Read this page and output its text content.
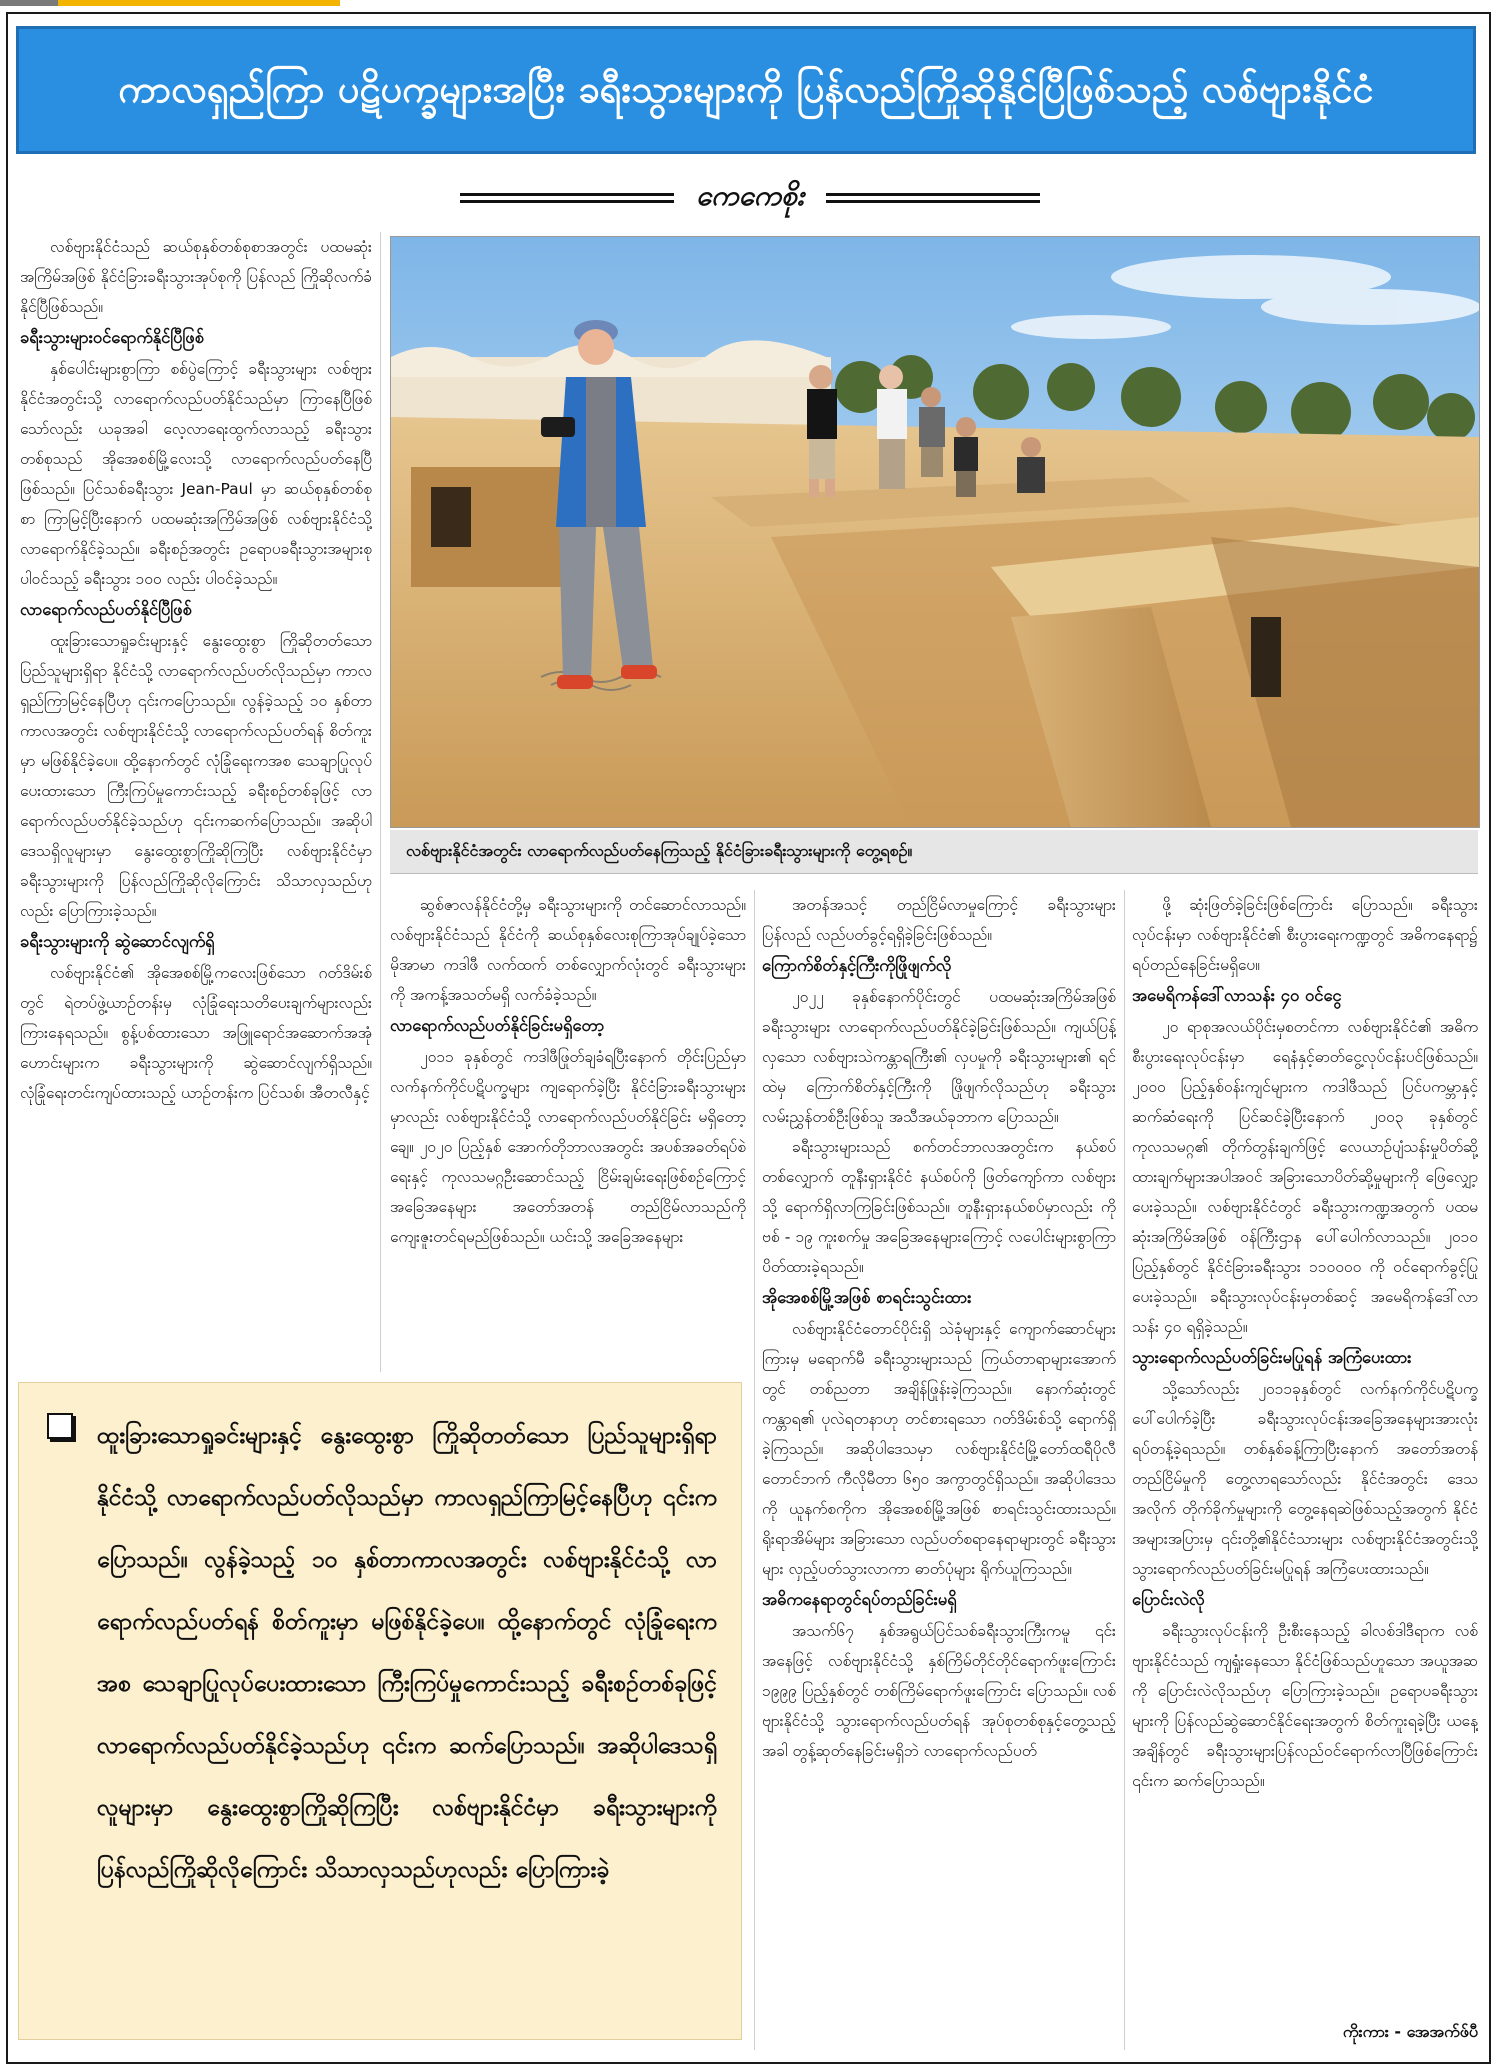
ကာလရှည်ကြာ ပဋိပက္ခများအပြီး ခရီးသွားများကို ပြန်လည်ကြိုဆိုနိုင်ပြီဖြစ်သည့် လစ်ဗျားနိုင်ငံ
ကေကေစိုး

လစ်ဗျားနိုင်ငံသည် ဆယ်စုနှစ်တစ်စုစာအတွင်း ပထမဆုံးအကြိမ်အဖြစ် နိုင်ငံခြားခရီးသွားအုပ်စုကို ပြန်လည် ကြိုဆိုလက်ခံနိုင်ပြီဖြစ်သည်။

ခရီးသွားများဝင်ရောက်နိုင်ပြီဖြစ်

နှစ်ပေါင်းများစွာကြာ စစ်ပွဲကြောင့် ခရီးသွားများ လစ်ဗျားနိုင်ငံအတွင်းသို့ လာရောက်လည်ပတ်နိုင်သည်မှာ ကြာနေပြီဖြစ်သော်လည်း ယခုအခါ လေ့လာရေးထွက်လာသည့် ခရီးသွားတစ်စုသည် အိုအေစစ်မြို့လေးသို့ လာရောက်လည်ပတ်နေပြီဖြစ်သည်။ ပြင်သစ်ခရီးသွား Jean-Paul မှာ ဆယ်စုနှစ်တစ်စုစာ ကြာမြင့်ပြီးနောက် ပထမဆုံးအကြိမ်အဖြစ် လစ်ဗျားနိုင်ငံသို့ လာရောက်နိုင်ခဲ့သည်။ ခရီးစဉ်အတွင်း ဥရောပခရီးသွားအများစု ပါဝင်သည့် ခရီးသွား ၁၀၀ လည်း ပါဝင်ခဲ့သည်။

လာရောက်လည်ပတ်နိုင်ပြီဖြစ်

ထူးခြားသောရှုခင်းများနှင့် နွေးထွေးစွာ ကြိုဆိုတတ်သောပြည်သူများရှိရာ နိုင်ငံသို့ လာရောက်လည်ပတ်လိုသည်မှာ ကာလရှည်ကြာမြင့်နေပြီဟု ၎င်းကပြောသည်။ လွန်ခဲ့သည့် ၁၀ နှစ်တာ ကာလအတွင်း လစ်ဗျားနိုင်ငံသို့ လာရောက်လည်ပတ်ရန် စိတ်ကူးမှာ မဖြစ်နိုင်ခဲ့ပေ။ ထို့နောက်တွင် လုံခြုံရေးကအစ သေချာပြုလုပ်ပေးထားသော ကြီးကြပ်မှုကောင်းသည့် ခရီးစဉ်တစ်ခုဖြင့် လာရောက်လည်ပတ်နိုင်ခဲ့သည်ဟု ၎င်းကဆက်ပြောသည်။ အဆိုပါဒေသရှိလူများမှာ နွေးထွေးစွာကြိုဆိုကြပြီး လစ်ဗျားနိုင်ငံမှာ ခရီးသွားများကို ပြန်လည်ကြိုဆိုလိုကြောင်း သိသာလှသည်ဟုလည်း ပြောကြားခဲ့သည်။

ခရီးသွားများကို ဆွဲဆောင်လျက်ရှိ

လစ်ဗျားနိုင်ငံ၏ အိုအေစစ်မြို့ကလေးဖြစ်သော ဂတ်ဒိမ်းစ်တွင် ရဲတပ်ဖွဲ့ယာဉ်တန်းမှ လုံခြုံရေးသတိပေးချက်များလည်း ကြားနေရသည်။ စွန့်ပစ်ထားသော အဖြူရောင်အဆောက်အအုံဟောင်းများက ခရီးသွားများကို ဆွဲဆောင်လျက်ရှိသည်။ လုံခြုံရေးတင်းကျပ်ထားသည့် ယာဉ်တန်းက ပြင်သစ်၊ အီတလီနှင့်

လစ်ဗျားနိုင်ငံအတွင်း လာရောက်လည်ပတ်နေကြသည့် နိုင်ငံခြားခရီးသွားများကို တွေ့ရစဉ်။

ဆွစ်ဇာလန်နိုင်ငံတို့မှ ခရီးသွားများကို တင်ဆောင်လာသည်။ လစ်ဗျားနိုင်ငံသည် နိုင်ငံကို ဆယ်စုနှစ်လေးစုကြာအုပ်ချုပ်ခဲ့သော မိုအာမာ ကဒါဖီ လက်ထက် တစ်လျှောက်လုံးတွင် ခရီးသွားများကို အကန့်အသတ်မရှိ လက်ခံခဲ့သည်။

လာရောက်လည်ပတ်နိုင်ခြင်းမရှိတော့

၂၀၁၁ ခုနှစ်တွင် ကဒါဖီဖြုတ်ချခံရပြီးနောက် တိုင်းပြည်မှာ လက်နက်ကိုင်ပဋိပက္ခများ ကျရောက်ခဲ့ပြီး နိုင်ငံခြားခရီးသွားများမှာလည်း လစ်ဗျားနိုင်ငံသို့ လာရောက်လည်ပတ်နိုင်ခြင်း မရှိတော့ချေ။ ၂၀၂၀ ပြည့်နှစ် အောက်တိုဘာလအတွင်း အပစ်အခတ်ရပ်စဲရေးနှင့် ကုလသမဂ္ဂဦးဆောင်သည့် ငြိမ်းချမ်းရေးဖြစ်စဉ်ကြောင့် အခြေအနေများ အတော်အတန် တည်ငြိမ်လာသည်ကို ကျေးဇူးတင်ရမည်ဖြစ်သည်။ ယင်းသို့ အခြေအနေများ

အတန်အသင့် တည်ငြိမ်လာမှုကြောင့် ခရီးသွားများ ပြန်လည် လည်ပတ်ခွင့်ရရှိခဲ့ခြင်းဖြစ်သည်။

ကြောက်စိတ်နှင့်ကြီးကိုဖြိုဖျက်လို

၂၀၂၂ ခုနှစ်နောက်ပိုင်းတွင် ပထမဆုံးအကြိမ်အဖြစ် ခရီးသွားများ လာရောက်လည်ပတ်နိုင်ခဲ့ခြင်းဖြစ်သည်။ ကျယ်ပြန့်လှသော လစ်ဗျားသဲကန္တာရကြီး၏ လှပမှုကို ခရီးသွားများ၏ ရင်ထဲမှ ကြောက်စိတ်နှင့်ကြီးကို ဖြိုဖျက်လိုသည်ဟု ခရီးသွားလမ်းညွှန်တစ်ဦးဖြစ်သူ အသီအယ်ခုဘာက ပြောသည်။

ခရီးသွားများသည် စက်တင်ဘာလအတွင်းက နယ်စပ်တစ်လျှောက် တူနီးရှားနိုင်ငံ နယ်စပ်ကို ဖြတ်ကျော်ကာ လစ်ဗျားသို့ ရောက်ရှိလာကြခြင်းဖြစ်သည်။ တူနီးရှားနယ်စပ်မှာလည်း ကိုဗစ် - ၁၉ ကူးစက်မှု အခြေအနေများကြောင့် လပေါင်းများစွာကြာ ပိတ်ထားခဲ့ရသည်။

အိုအေစစ်မြို့အဖြစ် စာရင်းသွင်းထား

လစ်ဗျားနိုင်ငံတောင်ပိုင်းရှိ သဲခုံများနှင့် ကျောက်ဆောင်များကြားမှ မရောက်မီ ခရီးသွားများသည် ကြယ်တာရာများအောက်တွင် တစ်ညတာ အချိန်ဖြုန်းခဲ့ကြသည်။ နောက်ဆုံးတွင် ကန္တာရ၏ ပုလဲရတနာဟု တင်စားရသော ဂတ်ဒိမ်းစ်သို့ ရောက်ရှိခဲ့ကြသည်။ အဆိုပါဒေသမှာ လစ်ဗျားနိုင်ငံမြို့တော်ထရီပိုလီ တောင်ဘက် ကီလိုမီတာ ၆၅၀ အကွာတွင်ရှိသည်။ အဆိုပါဒေသကို ယူနက်စကိုက အိုအေစစ်မြို့အဖြစ် စာရင်းသွင်းထားသည်။ ရိုးရာအိမ်များ အခြားသော လည်ပတ်စရာနေရာများတွင် ခရီးသွားများ လှည့်ပတ်သွားလာကာ ဓာတ်ပုံများ ရိုက်ယူကြသည်။

အဓိကနေရာတွင်ရပ်တည်ခြင်းမရှိ

အသက်၆၇ နှစ်အရွယ်ပြင်သစ်ခရီးသွားကြီးကမူ ၎င်းအနေဖြင့် လစ်ဗျားနိုင်ငံသို့ နှစ်ကြိမ်တိုင်တိုင်ရောက်ဖူးကြောင်း ၁၉၉၉ ပြည့်နှစ်တွင် တစ်ကြိမ်ရောက်ဖူးကြောင်း ပြောသည်။ လစ်ဗျားနိုင်ငံသို့ သွားရောက်လည်ပတ်ရန် အုပ်စုတစ်စုနှင့်တွေ့သည့်အခါ တွန့်ဆုတ်နေခြင်းမရှိဘဲ လာရောက်လည်ပတ်

ဖို့ ဆုံးဖြတ်ခဲ့ခြင်းဖြစ်ကြောင်း ပြောသည်။ ခရီးသွားလုပ်ငန်းမှာ လစ်ဗျားနိုင်ငံ၏ စီးပွားရေးကဏ္ဍတွင် အဓိကနေရာ၌ ရပ်တည်နေခြင်းမရှိပေ။

အမေရိကန်ဒေါ်လာသန်း ၄၀ ဝင်ငွေ

၂၀ ရာစုအလယ်ပိုင်းမှစတင်ကာ လစ်ဗျားနိုင်ငံ၏ အဓိက စီးပွားရေးလုပ်ငန်းမှာ ရေနံနှင့်ဓာတ်ငွေ့လုပ်ငန်းပင်ဖြစ်သည်။ ၂၀၀၀ ပြည့်နှစ်ဝန်းကျင်များက ကဒါဖီသည် ပြင်ပကမ္ဘာနှင့် ဆက်ဆံရေးကို ပြင်ဆင်ခဲ့ပြီးနောက် ၂၀၀၃ ခုနှစ်တွင် ကုလသမဂ္ဂ၏ တိုက်တွန်းချက်ဖြင့် လေယာဉ်ပျံသန်းမှုပိတ်ဆို့ထားချက်များအပါအဝင် အခြားသောပိတ်ဆို့မှုများကို ဖြေလျှော့ပေးခဲ့သည်။ လစ်ဗျားနိုင်ငံတွင် ခရီးသွားကဏ္ဍအတွက် ပထမဆုံးအကြိမ်အဖြစ် ဝန်ကြီးဌာန ပေါ်ပေါက်လာသည်။ ၂၀၁၀ ပြည့်နှစ်တွင် နိုင်ငံခြားခရီးသွား ၁၁၀၀၀၀ ကို ဝင်ရောက်ခွင့်ပြုပေးခဲ့သည်။ ခရီးသွားလုပ်ငန်းမှတစ်ဆင့် အမေရိကန်ဒေါ်လာသန်း ၄၀ ရရှိခဲ့သည်။

သွားရောက်လည်ပတ်ခြင်းမပြုရန် အကြံပေးထား

သို့သော်လည်း ၂၀၁၁ခုနှစ်တွင် လက်နက်ကိုင်ပဋိပက္ခပေါ်ပေါက်ခဲ့ပြီး ခရီးသွားလုပ်ငန်းအခြေအနေများအားလုံး ရပ်တန့်ခဲ့ရသည်။ တစ်နှစ်ခန့်ကြာပြီးနောက် အတော်အတန်တည်ငြိမ်မှုကို တွေ့လာရသော်လည်း နိုင်ငံအတွင်း ဒေသအလိုက် တိုက်ခိုက်မှုများကို တွေ့နေရဆဲဖြစ်သည့်အတွက် နိုင်ငံအများအပြားမှ ၎င်းတို့၏နိုင်ငံသားများ လစ်ဗျားနိုင်ငံအတွင်းသို့ သွားရောက်လည်ပတ်ခြင်းမပြုရန် အကြံပေးထားသည်။

ပြောင်းလဲလို

ခရီးသွားလုပ်ငန်းကို ဦးစီးနေသည့် ခါလစ်ဒါဒီရာက လစ်ဗျားနိုင်ငံသည် ကျရှုံးနေသော နိုင်ငံဖြစ်သည်ဟူသော အယူအဆကို ပြောင်းလဲလိုသည်ဟု ပြောကြားခဲ့သည်။ ဥရောပခရီးသွားများကို ပြန်လည်ဆွဲဆောင်နိုင်ရေးအတွက် စိတ်ကူးရခဲ့ပြီး ယနေ့အချိန်တွင် ခရီးသွားများပြန်လည်ဝင်ရောက်လာပြီဖြစ်ကြောင်း ၎င်းက ဆက်ပြောသည်။

ကိုးကား - အေအက်ဖ်ပီ
ထူးခြားသောရှုခင်းများနှင့် နွေးထွေးစွာ ကြိုဆိုတတ်သော ပြည်သူများရှိရာ နိုင်ငံသို့ လာရောက်လည်ပတ်လိုသည်မှာ ကာလရှည်ကြာမြင့်နေပြီဟု ၎င်းကပြောသည်။ လွန်ခဲ့သည့် ၁၀ နှစ်တာကာလအတွင်း လစ်ဗျားနိုင်ငံသို့ လာရောက်လည်ပတ်ရန် စိတ်ကူးမှာ မဖြစ်နိုင်ခဲ့ပေ။ ထို့နောက်တွင် လုံခြုံရေးကအစ သေချာပြုလုပ်ပေးထားသော ကြီးကြပ်မှုကောင်းသည့် ခရီးစဉ်တစ်ခုဖြင့် လာရောက်လည်ပတ်နိုင်ခဲ့သည်ဟု ၎င်းက ဆက်ပြောသည်။ အဆိုပါဒေသရှိလူများမှာ နွေးထွေးစွာကြိုဆိုကြပြီး လစ်ဗျားနိုင်ငံမှာ ခရီးသွားများကို ပြန်လည်ကြိုဆိုလိုကြောင်း သိသာလှသည်ဟုလည်း ပြောကြားခဲ့
